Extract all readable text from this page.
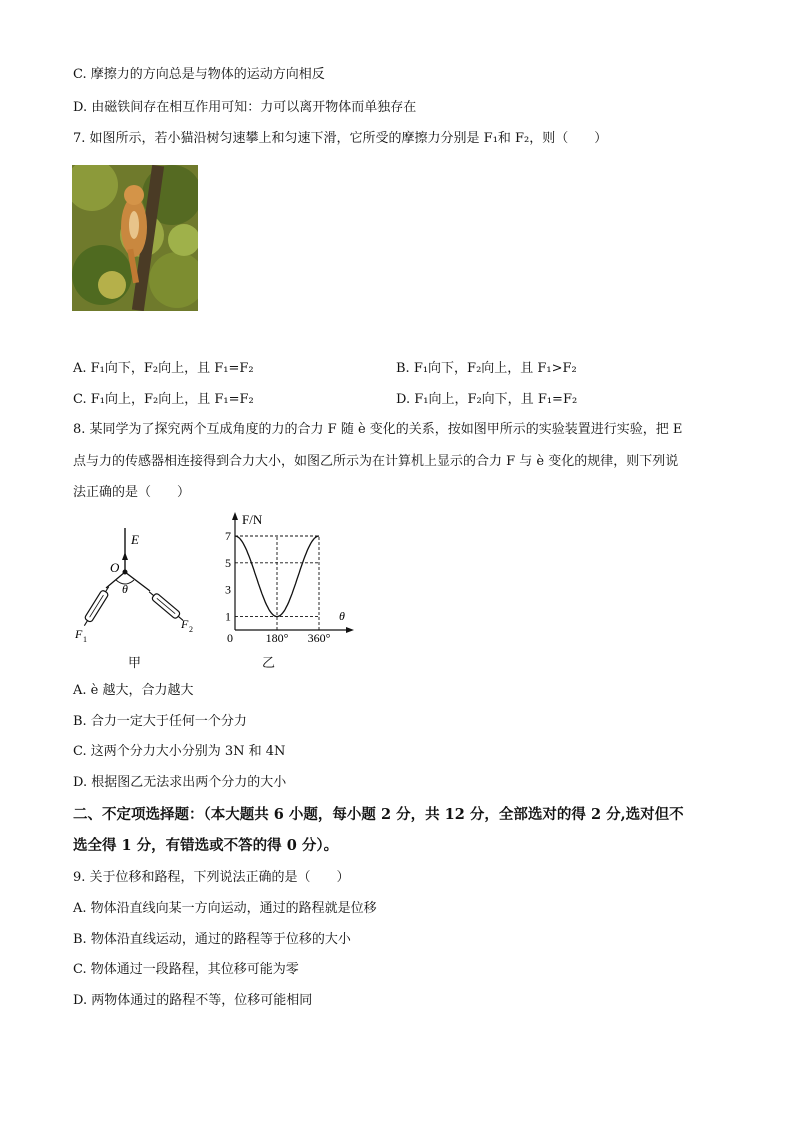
C. 摩擦力的方向总是与物体的运动方向相反
D. 由磁铁间存在相互作用可知：力可以离开物体而单独存在
7. 如图所示，若小猫沿树匀速攀上和匀速下滑，它所受的摩擦力分别是 F₁和 F₂，则（　　）
A. F₁向下，F₂向上，且 F₁=F₂	B. F₁向下，F₂向上，且 F₁>F₂
C. F₁向上，F₂向上，且 F₁=F₂	D. F₁向上，F₂向下，且 F₁=F₂
8. 某同学为了探究两个互成角度的力的合力 F 随 è 变化的关系，按如图甲所示的实验装置进行实验，把 E
点与力的传感器相连接得到合力大小，如图乙所示为在计算机上显示的合力 F 与 è 变化的规律，则下列说
法正确的是（　　）
E
O
θ
F 1
F 2
甲
F/N
θ
0
7
5
3
1
180° 360°
乙
A. è 越大，合力越大
B. 合力一定大于任何一个分力
C. 这两个分力大小分别为 3N 和 4N
D. 根据图乙无法求出两个分力的大小
二、不定项选择题：（本大题共 6 小题，每小题 2 分，共 12 分，全部选对的得 2 分,选对但不
选全得 1 分，有错选或不答的得 0 分）。
9. 关于位移和路程，下列说法正确的是（　　）
A. 物体沿直线向某一方向运动，通过的路程就是位移
B. 物体沿直线运动，通过的路程等于位移的大小
C. 物体通过一段路程，其位移可能为零
D. 两物体通过的路程不等，位移可能相同
